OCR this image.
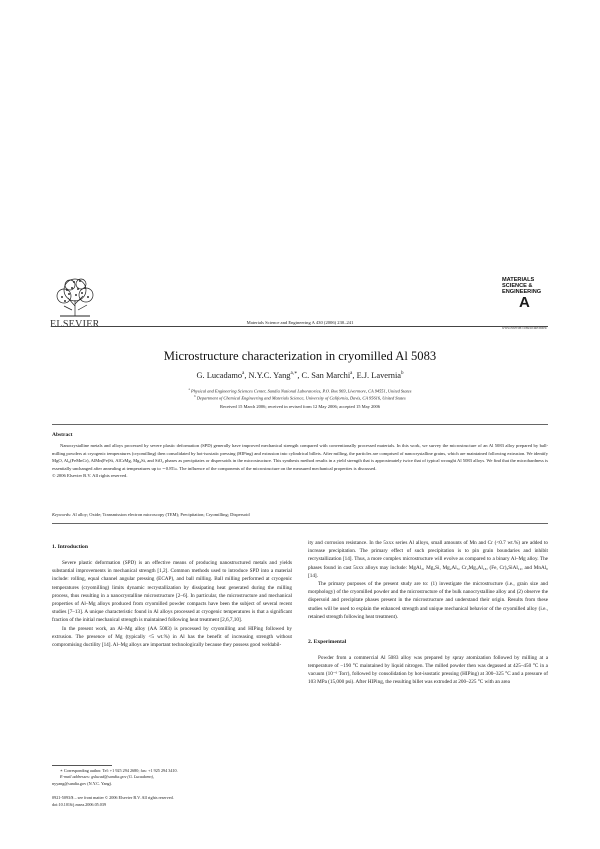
ELSEVIER	Materials Science and Engineering A 430 (2006) 230–241
MATERIALS
SCIENCE &
ENGINEERING
A
www.elsevier.com/locate/msea
Microstructure characterization in cryomilled Al 5083
G. Lucadamo$^a$, N.Y.C. Yang$^{a,∗}$, C. San Marchi$^a$, E.J. Lavernia$^b$
$^a$ Physical and Engineering Sciences Center, Sandia National Laboratories, P.O. Box 969, Livermore, CA 94551, United States
$^b$ Department of Chemical Engineering and Materials Science, University of California, Davis, CA 95616, United States
Received 15 March 2006; received in revised form 12 May 2006; accepted 15 May 2006
Abstract

Nanocrystalline metals and alloys processed by severe plastic deformation (SPD) generally have improved mechanical strength compared with conventionally processed materials. In this work, we survey the microstructure of an Al 5083 alloy prepared by ball-milling powders at cryogenic temperatures (cryomilling) then consolidated by hot-isostatic pressing (HIPing) and extrusion into cylindrical billets. After milling, the particles are comprised of nanocrystalline grains, which are maintained following extrusion. We identify MgO, Al₆(FeMnCr), AlMn(Fe)Si, AlCrMg, Mg₂Si, and SiO₂ phases as precipitates or dispersoids in the microstructure. This synthesis method results in a yield strength that is approximately twice that of typical wrought Al 5083 alloys. We find that the microhardness is essentially unchanged after annealing at temperatures up to ∼0.8Tₘ. The influence of the components of the microstructure on the measured mechanical properties is discussed.

© 2006 Elsevier B.V. All rights reserved.
Keywords: Al alloy; Oxide; Transmission electron microscopy (TEM); Precipitation; Cryomilling; Dispersoid
1. Introduction

Severe plastic deformation (SPD) is an effective means of producing nanostructured metals and yields substantial improvements in mechanical strength [1,2]. Common methods used to introduce SPD into a material include: rolling, equal channel angular pressing (ECAP), and ball milling. Ball milling performed at cryogenic temperatures (cryomilling) limits dynamic recrystallization by dissipating heat generated during the milling process, thus resulting in a nanocrystalline microstructure [2–6]. In particular, the microstructure and mechanical properties of Al–Mg alloys produced from cryomilled powder compacts have been the subject of several recent studies [7–13]. A unique characteristic found in Al alloys processed at cryogenic temperatures is that a significant fraction of the initial mechanical strength is maintained following heat treatment [2,6,7,10].

In the present work, an Al–Mg alloy (AA 5083) is processed by cryomilling and HIPing followed by extrusion. The presence of Mg (typically <5 wt.%) in Al has the benefit of increasing strength without compromising ductility [14]. Al–Mg alloys are important technologically because they possess good weldabil-

ity and corrosion resistance. In the 5xxx series Al alloys, small amounts of Mn and Cr (<0.7 wt.%) are added to increase precipitation. The primary effect of such precipitation is to pin grain boundaries and inhibit recrystallization [14]. Thus, a more complex microstructure will evolve as compared to a binary Al–Mg alloy. The phases found in cast 5xxx alloys may include: MgAl₂, Mg₂Si, Mg₂Al₃, Cr₂Mg₃Al₁₈, (Fe, Cr)₃SiAl₁₂, and MnAl₆ [14].

The primary purposes of the present study are to: (1) investigate the microstructure (i.e., grain size and morphology) of the cryomilled powder and the microstructure of the bulk nanocrystalline alloy and (2) observe the dispersoid and precipitate phases present in the microstructure and understand their origin. Results from these studies will be used to explain the enhanced strength and unique mechanical behavior of the cryomilled alloy (i.e., retained strength following heat treatment).

2. Experimental

Powder from a commercial Al 5083 alloy was prepared by spray atomization followed by milling at a temperature of −190 °C maintained by liquid nitrogen. The milled powder then was degassed at 425–450 °C in a vacuum (10⁻⁶ Torr), followed by consolidation by hot-isostatic pressing (HIPing) at 300–325 °C and a pressure of 103 MPa (15,000 psi). After HIPing, the resulting billet was extruded at 200–225 °C with an area

∗ Corresponding author. Tel: +1 925 294 2680; fax: +1 925 294 3410.
E-mail addresses: gslucad@sandia.gov (G. Lucadamo),
nyyang@sandia.gov (N.Y.C. Yang).
0921-5093/$ – see front matter © 2006 Elsevier B.V. All rights reserved.
doi:10.1016/j.msea.2006.05.039
